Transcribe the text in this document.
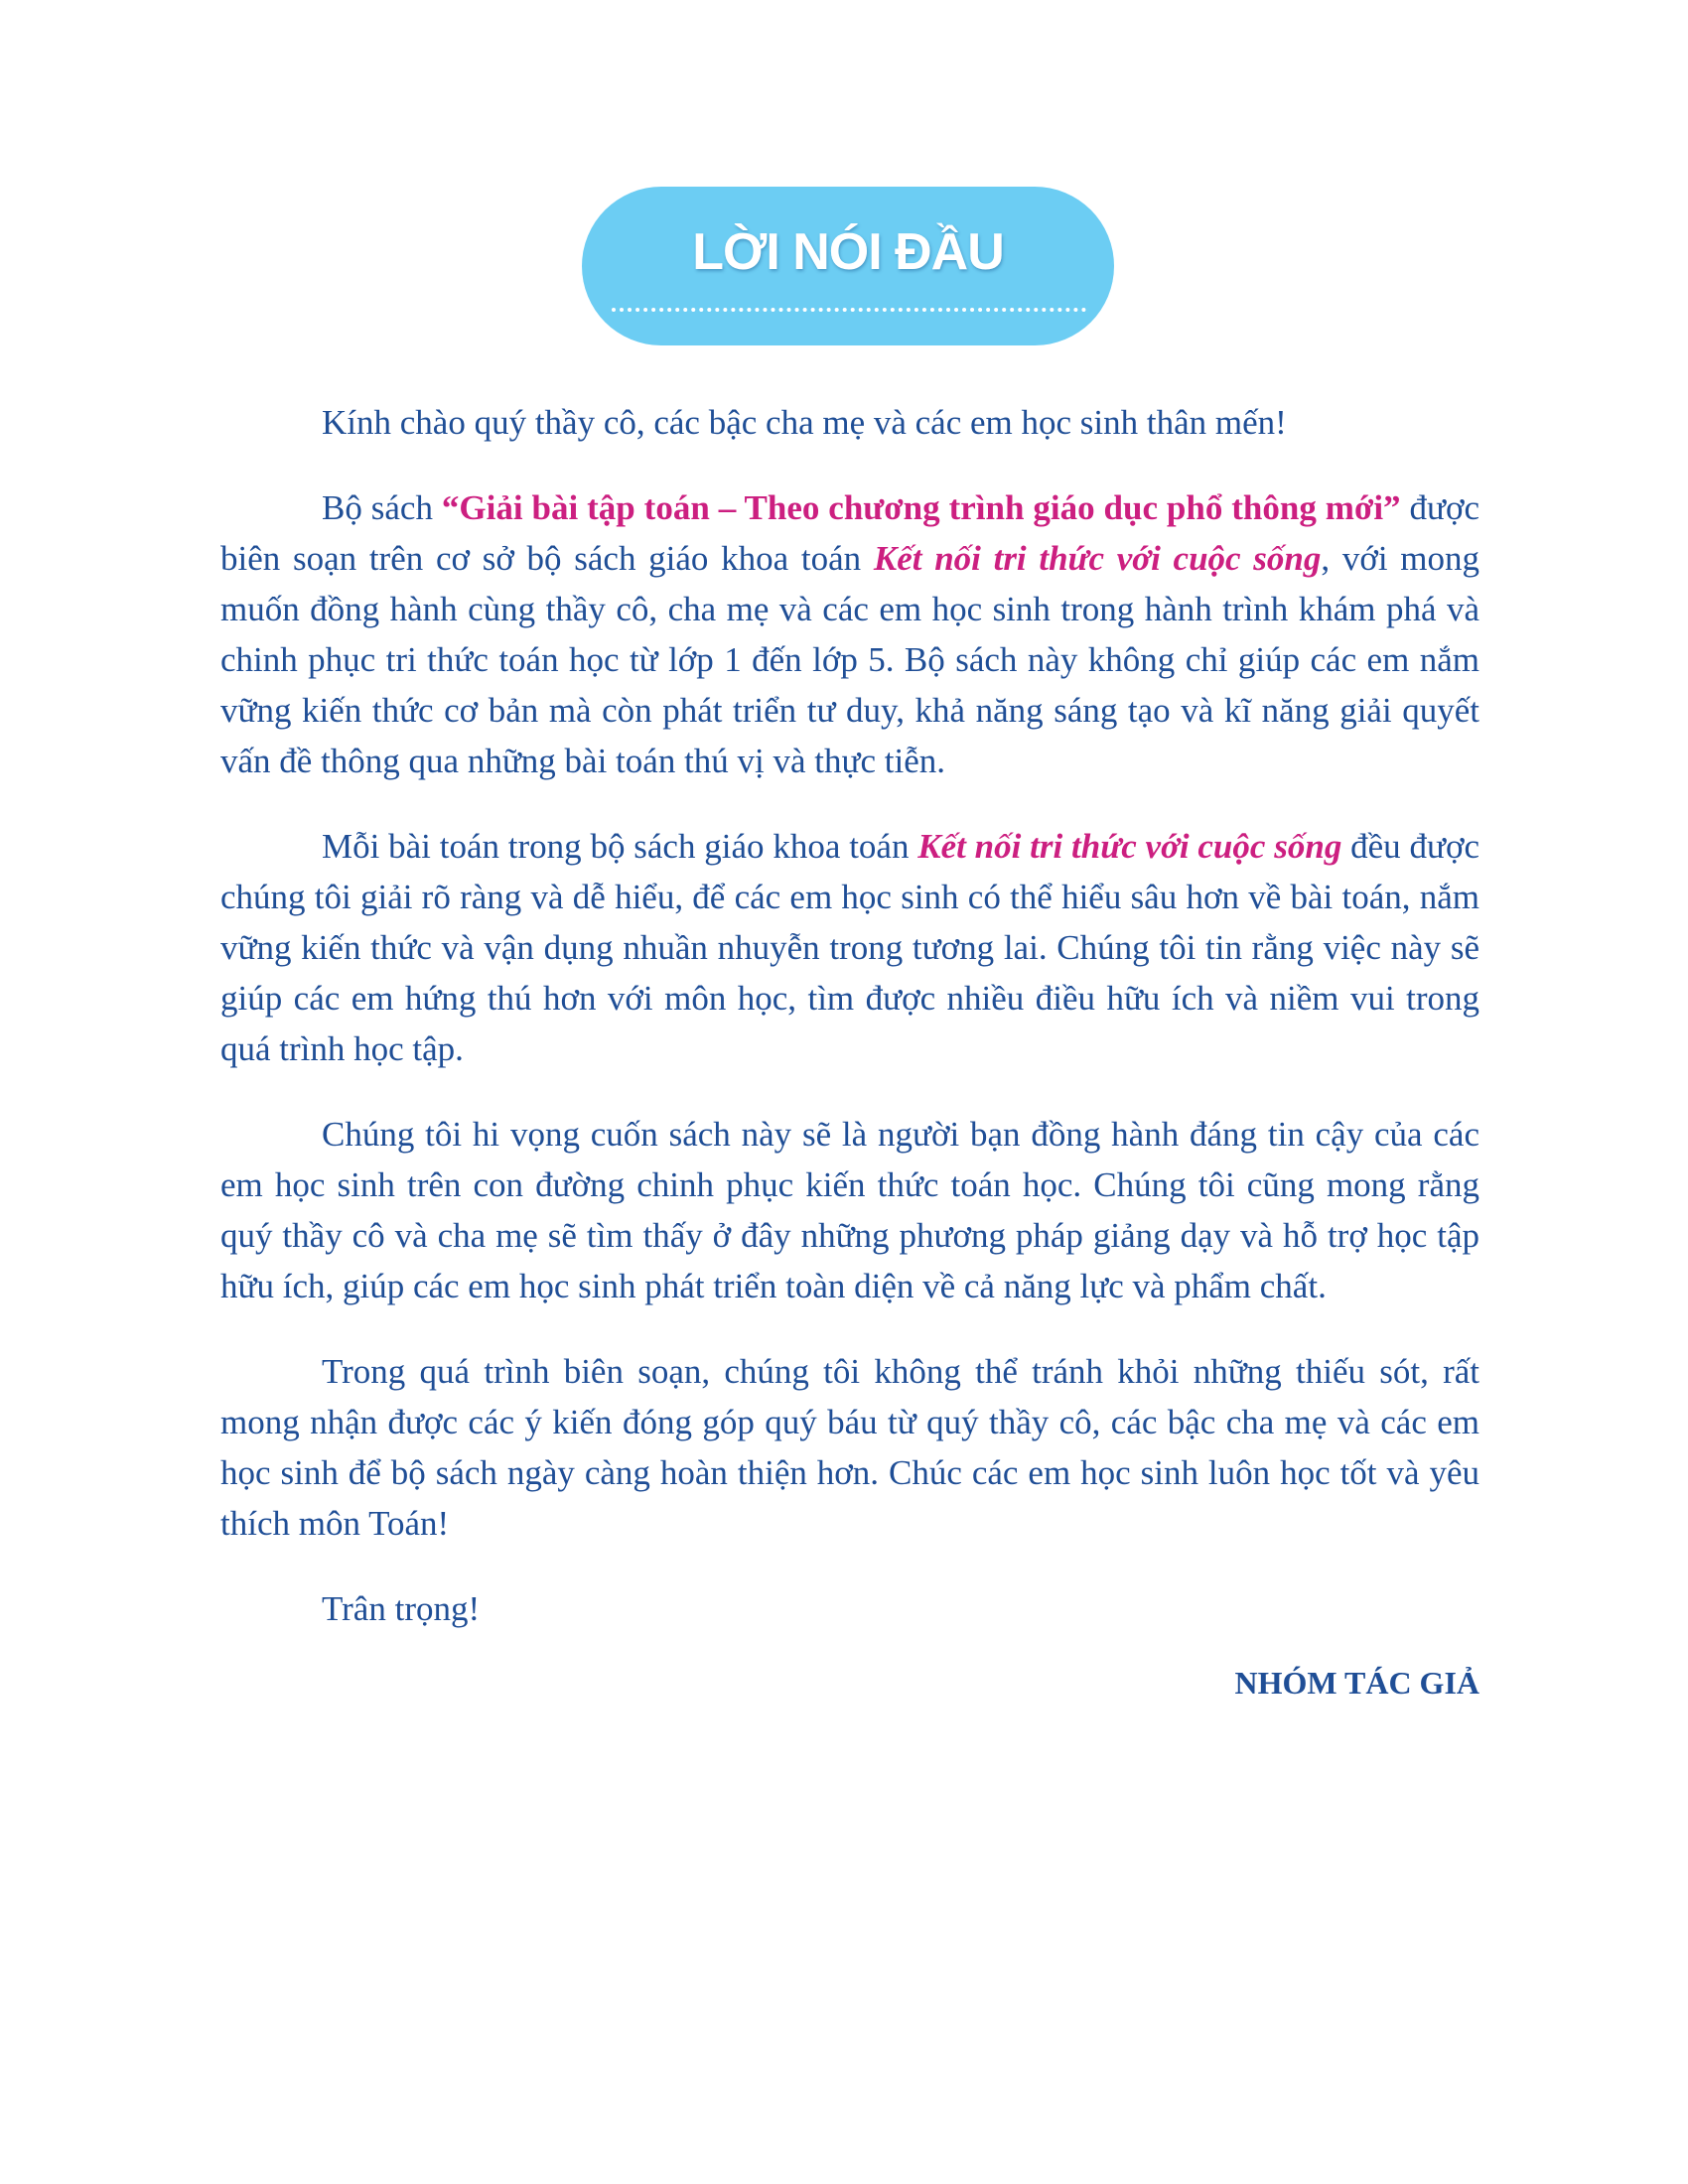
LỜI NÓI ĐẦU

Kính chào quý thầy cô, các bậc cha mẹ và các em học sinh thân mến!

Bộ sách “Giải bài tập toán – Theo chương trình giáo dục phổ thông mới” được biên soạn trên cơ sở bộ sách giáo khoa toán Kết nối tri thức với cuộc sống, với mong muốn đồng hành cùng thầy cô, cha mẹ và các em học sinh trong hành trình khám phá và chinh phục tri thức toán học từ lớp 1 đến lớp 5. Bộ sách này không chỉ giúp các em nắm vững kiến thức cơ bản mà còn phát triển tư duy, khả năng sáng tạo và kĩ năng giải quyết vấn đề thông qua những bài toán thú vị và thực tiễn.

Mỗi bài toán trong bộ sách giáo khoa toán Kết nối tri thức với cuộc sống đều được chúng tôi giải rõ ràng và dễ hiểu, để các em học sinh có thể hiểu sâu hơn về bài toán, nắm vững kiến thức và vận dụng nhuần nhuyễn trong tương lai. Chúng tôi tin rằng việc này sẽ giúp các em hứng thú hơn với môn học, tìm được nhiều điều hữu ích và niềm vui trong quá trình học tập.

Chúng tôi hi vọng cuốn sách này sẽ là người bạn đồng hành đáng tin cậy của các em học sinh trên con đường chinh phục kiến thức toán học. Chúng tôi cũng mong rằng quý thầy cô và cha mẹ sẽ tìm thấy ở đây những phương pháp giảng dạy và hỗ trợ học tập hữu ích, giúp các em học sinh phát triển toàn diện về cả năng lực và phẩm chất.

Trong quá trình biên soạn, chúng tôi không thể tránh khỏi những thiếu sót, rất mong nhận được các ý kiến đóng góp quý báu từ quý thầy cô, các bậc cha mẹ và các em học sinh để bộ sách ngày càng hoàn thiện hơn. Chúc các em học sinh luôn học tốt và yêu thích môn Toán!

Trân trọng!

NHÓM TÁC GIẢ
